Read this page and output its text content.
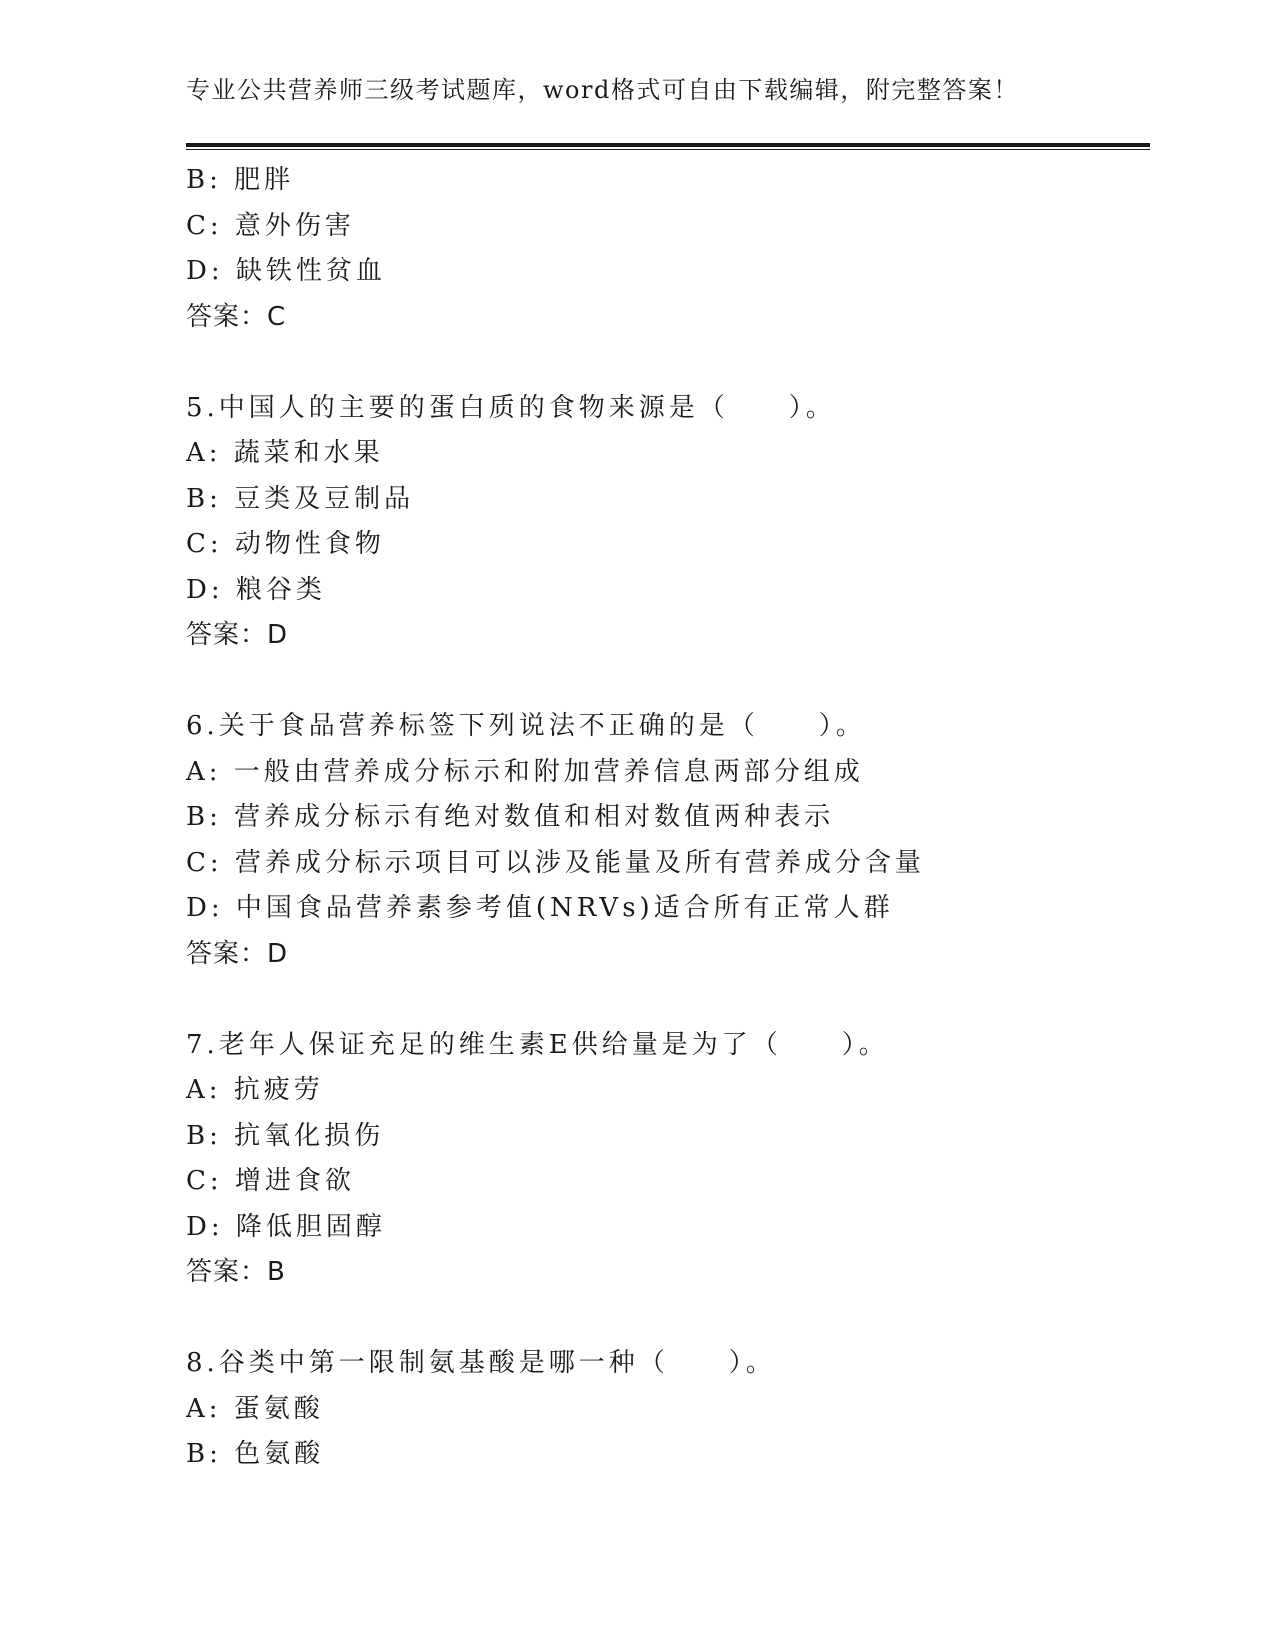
专业公共营养师三级考试题库，word格式可自由下载编辑，附完整答案！
B: 肥胖
C: 意外伤害
D: 缺铁性贫血
答案：C
5.中国人的主要的蛋白质的食物来源是（　　）。
A: 蔬菜和水果
B: 豆类及豆制品
C: 动物性食物
D: 粮谷类
答案：D
6.关于食品营养标签下列说法不正确的是（　　）。
A: 一般由营养成分标示和附加营养信息两部分组成
B: 营养成分标示有绝对数值和相对数值两种表示
C: 营养成分标示项目可以涉及能量及所有营养成分含量
D: 中国食品营养素参考值(NRVs)适合所有正常人群
答案：D
7.老年人保证充足的维生素E供给量是为了（　　）。
A: 抗疲劳
B: 抗氧化损伤
C: 增进食欲
D: 降低胆固醇
答案：B
8.谷类中第一限制氨基酸是哪一种（　　）。
A: 蛋氨酸
B: 色氨酸
